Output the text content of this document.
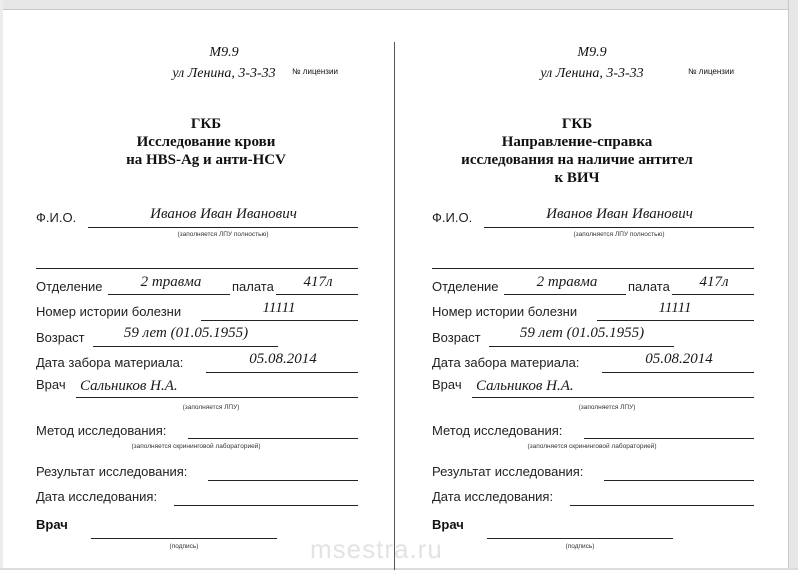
М9.9
ул Ленина, 3-3-33	№ лицензии
ГКБ
Исследование крови
на HBS-Ag и анти-HCV
Ф.И.О.	Иванов Иван Иванович
(заполняется ЛПУ полностью)
Отделение	2 травма	палата	417л
Номер истории болезни	11111
Возраст	59 лет (01.05.1955)
Дата забора материала:	05.08.2014
Врач Сальников Н.А.
(заполняется ЛПУ)
Метод исследования:
(заполняется скрининговой лабораторией)
Результат исследования:
Дата исследования:
Врач
(подпись)
М9.9
ул Ленина, 3-3-33	№ лицензии
ГКБ
Направление-справка
исследования на наличие антител
к ВИЧ
Ф.И.О.	Иванов Иван Иванович
(заполняется ЛПУ полностью)
Отделение	2 травма	палата	417л
Номер истории болезни	11111
Возраст	59 лет (01.05.1955)
Дата забора материала:	05.08.2014
Врач Сальников Н.А.
(заполняется ЛПУ)
Метод исследования:
(заполняется скрининговой лабораторией)
Результат исследования:
Дата исследования:
Врач
(подпись)
msestra.ru
